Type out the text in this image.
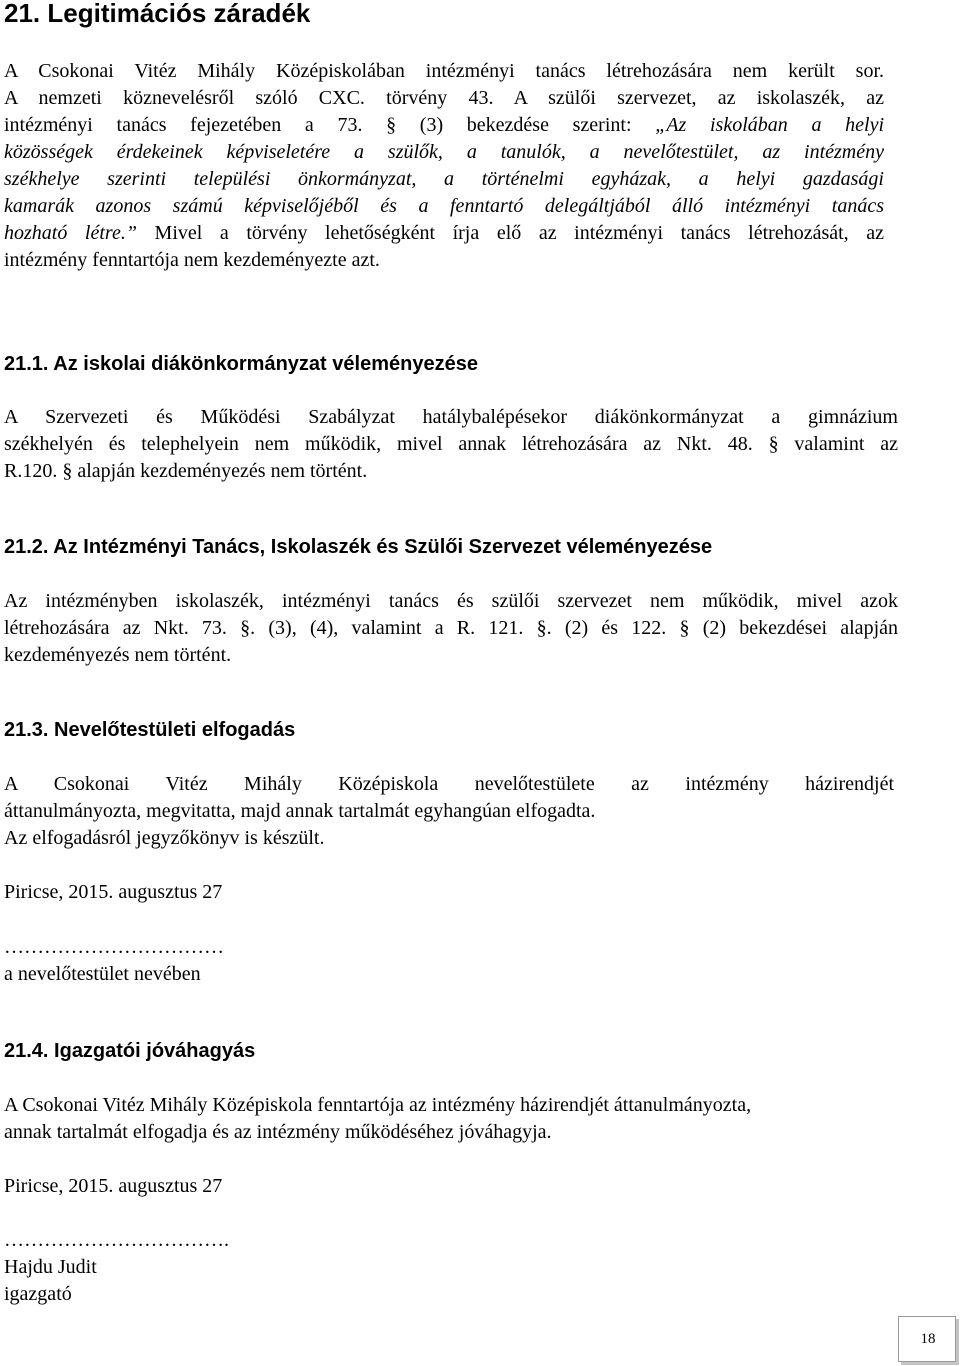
21. Legitimációs záradék
A Csokonai Vitéz Mihály Középiskolában intézményi tanács létrehozására nem került sor.
A nemzeti köznevelésről szóló CXC. törvény 43. A szülői szervezet, az iskolaszék, az
intézményi tanács fejezetében a 73. § (3) bekezdése szerint: „Az iskolában a helyi
közösségek érdekeinek képviseletére a szülők, a tanulók, a nevelőtestület, az intézmény
székhelye szerinti települési önkormányzat, a történelmi egyházak, a helyi gazdasági
kamarák azonos számú képviselőjéből és a fenntartó delegáltjából álló intézményi tanács
hozható létre.” Mivel a törvény lehetőségként írja elő az intézményi tanács létrehozását, az
intézmény fenntartója nem kezdeményezte azt.
21.1. Az iskolai diákönkormányzat véleményezése
A Szervezeti és Működési Szabályzat hatálybalépésekor diákönkormányzat a gimnázium
székhelyén és telephelyein nem működik, mivel annak létrehozására az Nkt. 48. § valamint az
R.120. § alapján kezdeményezés nem történt.
21.2. Az Intézményi Tanács, Iskolaszék és Szülői Szervezet véleményezése
Az intézményben iskolaszék, intézményi tanács és szülői szervezet nem működik, mivel azok
létrehozására az Nkt. 73. §. (3), (4), valamint a R. 121. §. (2) és 122. § (2) bekezdései alapján
kezdeményezés nem történt.
21.3. Nevelőtestületi elfogadás
A Csokonai Vitéz Mihály Középiskola nevelőtestülete az intézmény házirendjét
áttanulmányozta, megvitatta, majd annak tartalmát egyhangúan elfogadta.
Az elfogadásról jegyzőkönyv is készült.
Piricse, 2015. augusztus 27
……………………………
a nevelőtestület nevében
21.4. Igazgatói jóváhagyás
A Csokonai Vitéz Mihály Középiskola fenntartója az intézmény házirendjét áttanulmányozta,
annak tartalmát elfogadja és az intézmény működéséhez jóváhagyja.
Piricse, 2015. augusztus 27
…………………………….
Hajdu Judit
igazgató
18
